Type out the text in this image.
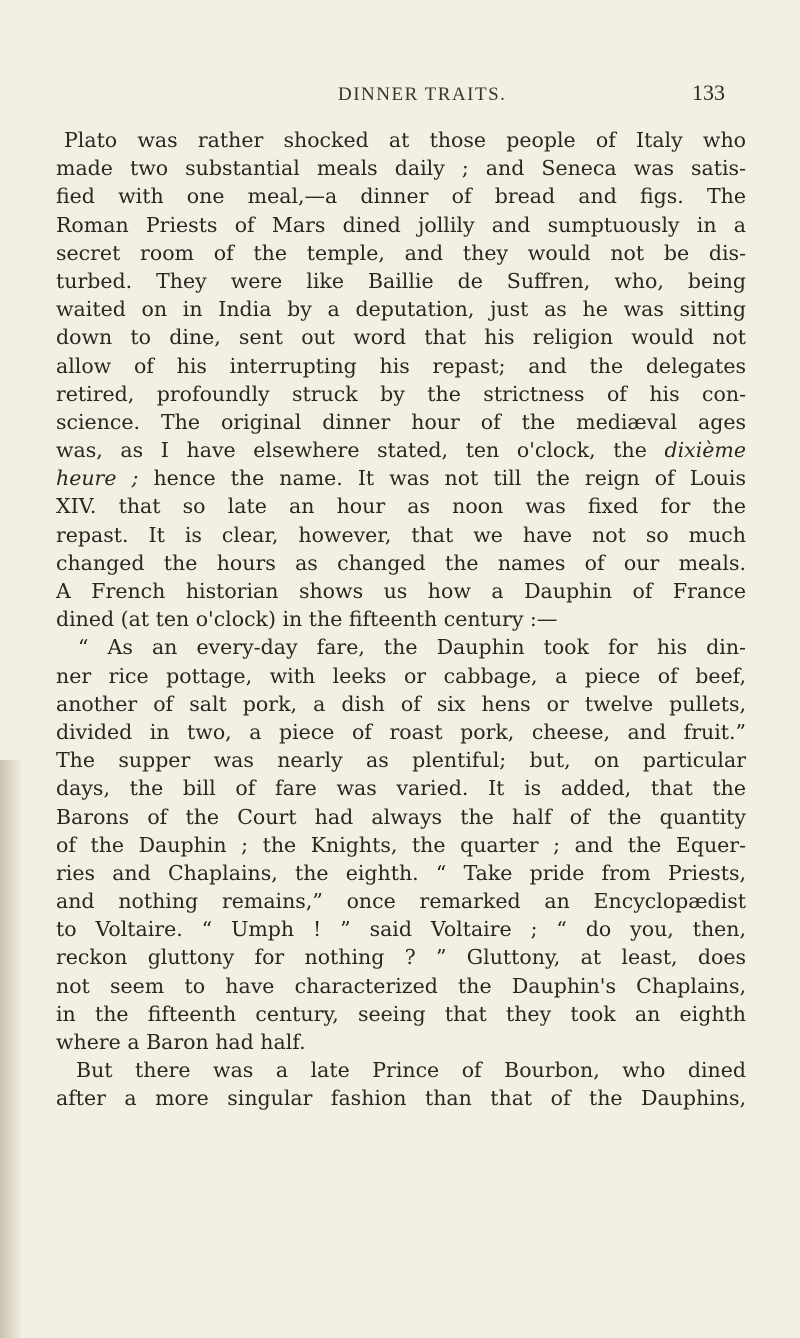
DINNER TRAITS.	133
Plato was rather shocked at those people of Italy who
made two substantial meals daily ; and Seneca was satis-
fied with one meal,—a dinner of bread and figs. The
Roman Priests of Mars dined jollily and sumptuously in a
secret room of the temple, and they would not be dis-
turbed. They were like Baillie de Suffren, who, being
waited on in India by a deputation, just as he was sitting
down to dine, sent out word that his religion would not
allow of his interrupting his repast; and the delegates
retired, profoundly struck by the strictness of his con-
science. The original dinner hour of the mediæval ages
was, as I have elsewhere stated, ten o'clock, the dixième
heure ; hence the name. It was not till the reign of Louis
XIV. that so late an hour as noon was fixed for the
repast. It is clear, however, that we have not so much
changed the hours as changed the names of our meals.
A French historian shows us how a Dauphin of France
dined (at ten o'clock) in the fifteenth century :—
“ As an every-day fare, the Dauphin took for his din-
ner rice pottage, with leeks or cabbage, a piece of beef,
another of salt pork, a dish of six hens or twelve pullets,
divided in two, a piece of roast pork, cheese, and fruit.”
The supper was nearly as plentiful; but, on particular
days, the bill of fare was varied. It is added, that the
Barons of the Court had always the half of the quantity
of the Dauphin ; the Knights, the quarter ; and the Equer-
ries and Chaplains, the eighth. “ Take pride from Priests,
and nothing remains,” once remarked an Encyclopædist
to Voltaire. “ Umph ! ” said Voltaire ; “ do you, then,
reckon gluttony for nothing ? ” Gluttony, at least, does
not seem to have characterized the Dauphin's Chaplains,
in the fifteenth century, seeing that they took an eighth
where a Baron had half.
But there was a late Prince of Bourbon, who dined
after a more singular fashion than that of the Dauphins,
